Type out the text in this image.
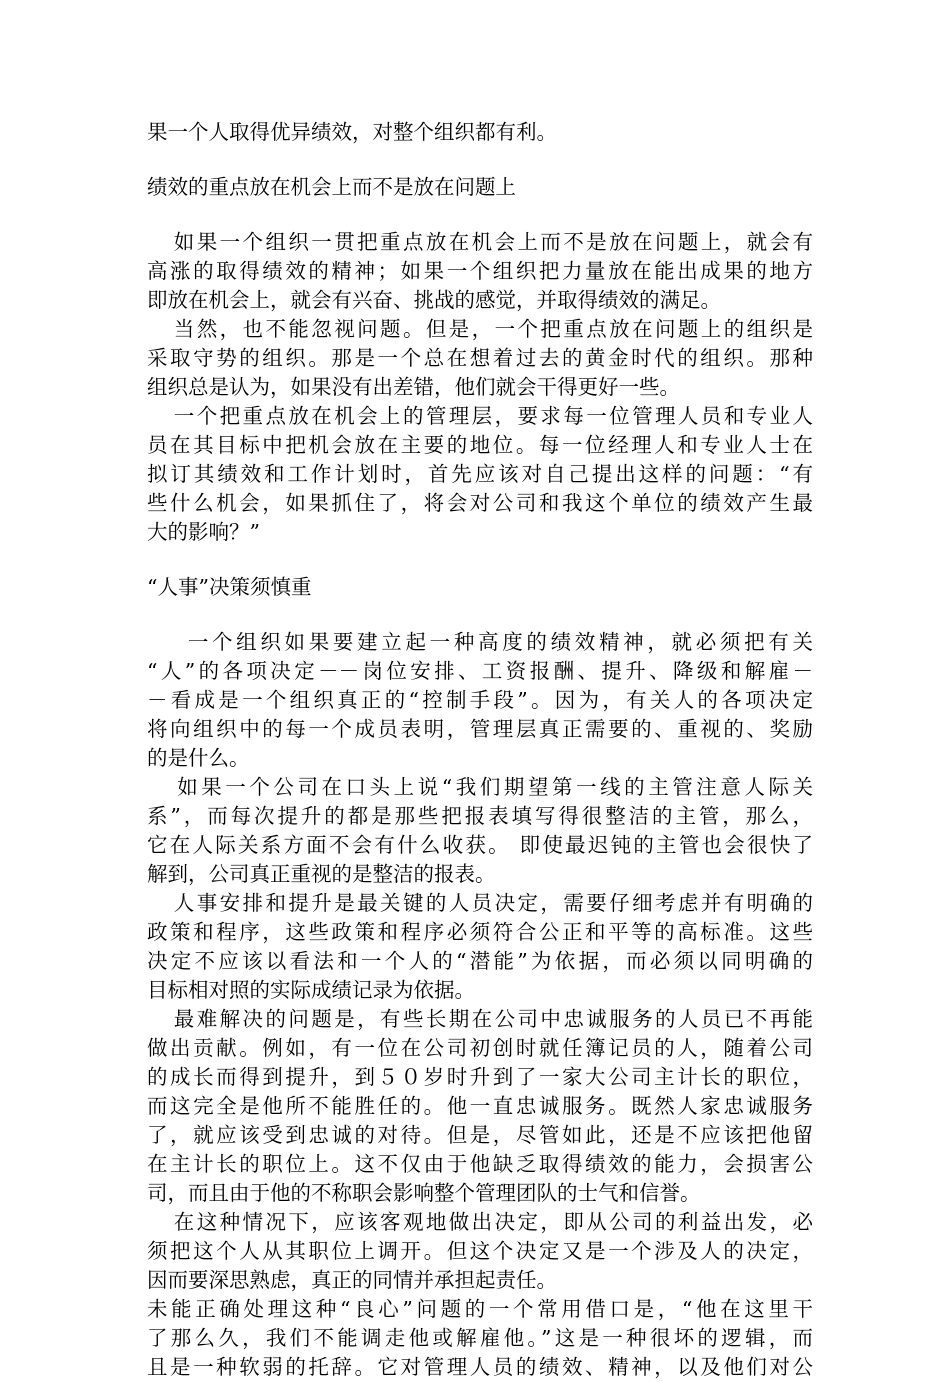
果一个人取得优异绩效，对整个组织都有利。
绩效的重点放在机会上而不是放在问题上
如果一个组织一贯把重点放在机会上而不是放在问题上，就会有
高涨的取得绩效的精神；如果一个组织把力量放在能出成果的地方
即放在机会上，就会有兴奋、挑战的感觉，并取得绩效的满足。
当然，也不能忽视问题。但是，一个把重点放在问题上的组织是
采取守势的组织。那是一个总在想着过去的黄金时代的组织。那种
组织总是认为，如果没有出差错，他们就会干得更好一些。
一个把重点放在机会上的管理层，要求每一位管理人员和专业人
员在其目标中把机会放在主要的地位。每一位经理人和专业人士在
拟订其绩效和工作计划时，首先应该对自己提出这样的问题：“有
些什么机会，如果抓住了，将会对公司和我这个单位的绩效产生最
大的影响？”
“人事”决策须慎重
一个组织如果要建立起一种高度的绩效精神，就必须把有关
“人”的各项决定－－岗位安排、工资报酬、提升、降级和解雇－
－看成是一个组织真正的“控制手段”。因为，有关人的各项决定
将向组织中的每一个成员表明，管理层真正需要的、重视的、奖励
的是什么。
如果一个公司在口头上说“我们期望第一线的主管注意人际关
系”，而每次提升的都是那些把报表填写得很整洁的主管，那么，
它在人际关系方面不会有什么收获。 即使最迟钝的主管也会很快了
解到，公司真正重视的是整洁的报表。
人事安排和提升是最关键的人员决定，需要仔细考虑并有明确的
政策和程序，这些政策和程序必须符合公正和平等的高标准。这些
决定不应该以看法和一个人的“潜能”为依据，而必须以同明确的
目标相对照的实际成绩记录为依据。
最难解决的问题是，有些长期在公司中忠诚服务的人员已不再能
做出贡献。例如，有一位在公司初创时就任簿记员的人，随着公司
的成长而得到提升，到５０岁时升到了一家大公司主计长的职位，
而这完全是他所不能胜任的。他一直忠诚服务。既然人家忠诚服务
了，就应该受到忠诚的对待。但是，尽管如此，还是不应该把他留
在主计长的职位上。这不仅由于他缺乏取得绩效的能力，会损害公
司，而且由于他的不称职会影响整个管理团队的士气和信誉。
在这种情况下，应该客观地做出决定，即从公司的利益出发，必
须把这个人从其职位上调开。但这个决定又是一个涉及人的决定，
因而要深思熟虑，真正的同情并承担起责任。
未能正确处理这种“良心”问题的一个常用借口是，“他在这里干
了那么久，我们不能调走他或解雇他。”这是一种很坏的逻辑，而
且是一种软弱的托辞。它对管理人员的绩效、精神，以及他们对公
